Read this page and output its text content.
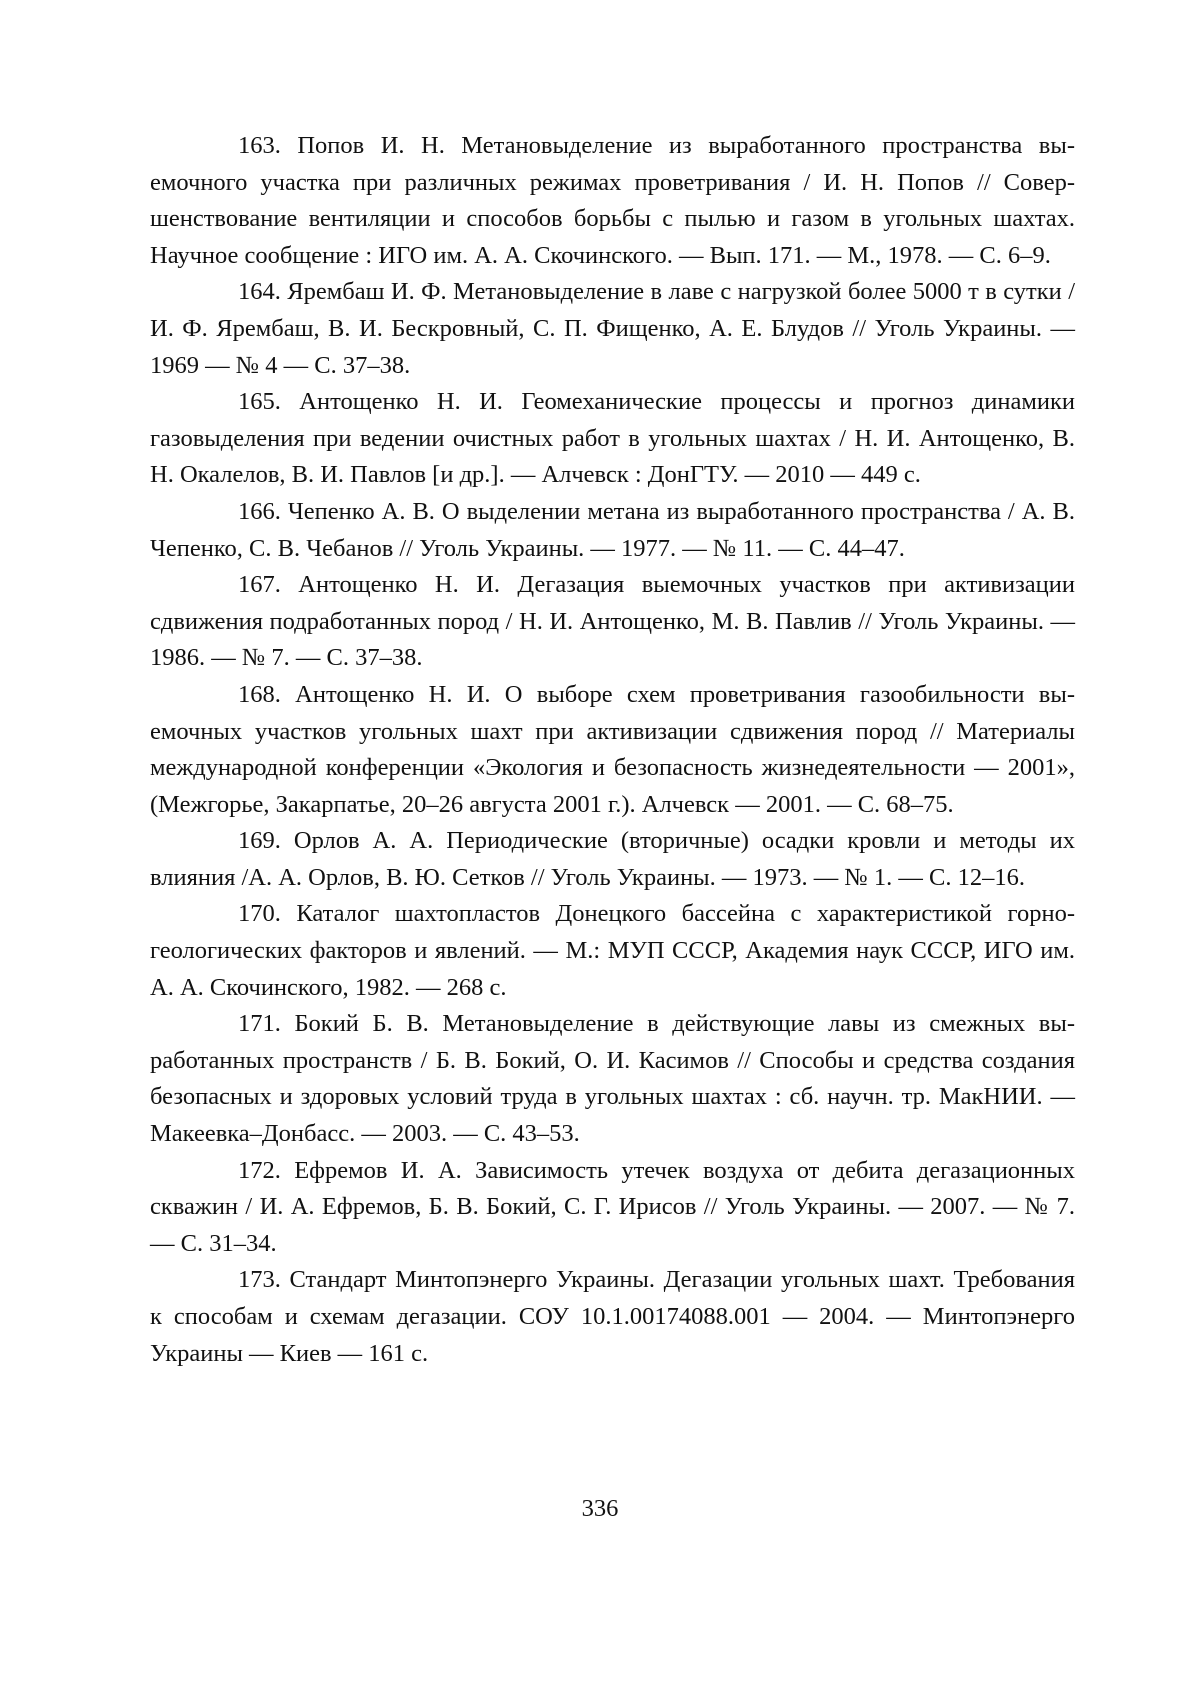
163. Попов И. Н. Метановыделение из выработанного пространства выемочного участка при различных режимах проветривания / И. Н. Попов // Совершенствование вентиляции и способов борьбы с пылью и газом в угольных шахтах. Научное сообщение : ИГО им. А. А. Скочинского. — Вып. 171. — М., 1978. — С. 6–9.

164. Ярембаш И. Ф. Метановыделение в лаве с нагрузкой более 5000 т в сутки / И. Ф. Ярембаш, В. И. Бескровный, С. П. Фищенко, А. Е. Блудов // Уголь Украины. — 1969 — № 4 — С. 37–38.

165. Антощенко Н. И. Геомеханические процессы и прогноз динамики газовыделения при ведении очистных работ в угольных шахтах / Н. И. Антощенко, В. Н. Окалелов, В. И. Павлов [и др.]. — Алчевск : ДонГТУ. — 2010 — 449 с.

166. Чепенко А. В. О выделении метана из выработанного пространства / А. В. Чепенко, С. В. Чебанов // Уголь Украины. — 1977. — № 11. — С. 44–47.

167. Антощенко Н. И. Дегазация выемочных участков при активизации сдвижения подработанных пород / Н. И. Антощенко, М. В. Павлив // Уголь Украины. — 1986. — № 7. — С. 37–38.

168. Антощенко Н. И. О выборе схем проветривания газообильности выемочных участков угольных шахт при активизации сдвижения пород // Материалы международной конференции «Экология и безопасность жизнедеятельности — 2001», (Межгорье, Закарпатье, 20–26 августа 2001 г.). Алчевск — 2001. — С. 68–75.

169. Орлов А. А. Периодические (вторичные) осадки кровли и методы их влияния /А. А. Орлов, В. Ю. Сетков // Уголь Украины. — 1973. — № 1. — С. 12–16.

170. Каталог шахтопластов Донецкого бассейна с характеристикой горно-геологических факторов и явлений. — М.: МУП СССР, Академия наук СССР, ИГО им. А. А. Скочинского, 1982. — 268 с.

171. Бокий Б. В. Метановыделение в действующие лавы из смежных выработанных пространств / Б. В. Бокий, О. И. Касимов // Способы и средства создания безопасных и здоровых условий труда в угольных шахтах : сб. научн. тр. МакНИИ. — Макеевка–Донбасс. — 2003. — С. 43–53.

172. Ефремов И. А. Зависимость утечек воздуха от дебита дегазационных скважин / И. А. Ефремов, Б. В. Бокий, С. Г. Ирисов // Уголь Украины. — 2007. — № 7. — С. 31–34.

173. Стандарт Минтопэнерго Украины. Дегазации угольных шахт. Требования к способам и схемам дегазации. СОУ 10.1.00174088.001 — 2004. — Минтопэнерго Украины — Киев — 161 с.

336
